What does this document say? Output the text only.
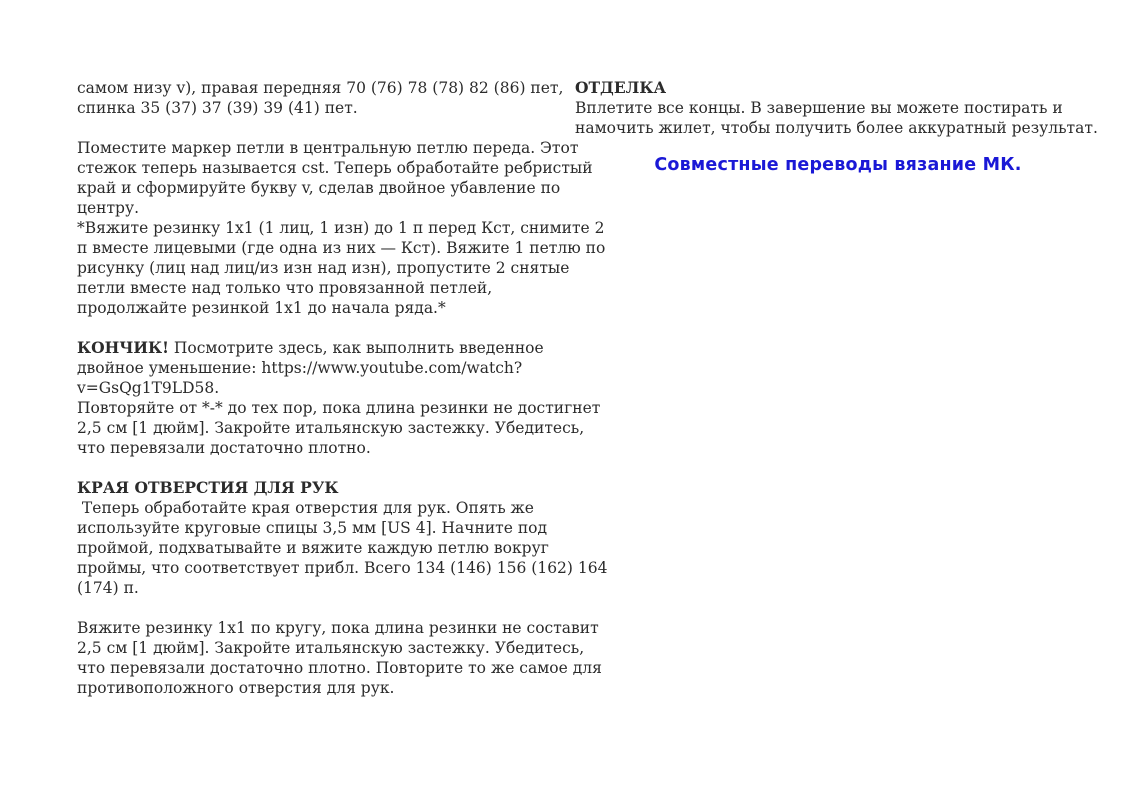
самом низу v), правая передняя 70 (76) 78 (78) 82 (86) пет,
спинка 35 (37) 37 (39) 39 (41) пет.
Поместите маркер петли в центральную петлю переда. Этот
стежок теперь называется cst. Теперь обработайте ребристый
край и сформируйте букву v, сделав двойное убавление по
центру.
*Вяжите резинку 1x1 (1 лиц, 1 изн) до 1 п перед Кст, снимите 2
п вместе лицевыми (где одна из них — Кст). Вяжите 1 петлю по
рисунку (лиц над лиц/из изн над изн), пропустите 2 снятые
петли вместе над только что провязанной петлей,
продолжайте резинкой 1x1 до начала ряда.*
КОНЧИК! Посмотрите здесь, как выполнить введенное
двойное уменьшение: https://www.youtube.com/watch?
v=GsQg1T9LD58.
Повторяйте от *-* до тех пор, пока длина резинки не достигнет
2,5 см [1 дюйм]. Закройте итальянскую застежку. Убедитесь,
что перевязали достаточно плотно.
КРАЯ ОТВЕРСТИЯ ДЛЯ РУК
Теперь обработайте края отверстия для рук. Опять же
используйте круговые спицы 3,5 мм [US 4]. Начните под
проймой, подхватывайте и вяжите каждую петлю вокруг
проймы, что соответствует прибл. Всего 134 (146) 156 (162) 164
(174) п.
Вяжите резинку 1x1 по кругу, пока длина резинки не составит
2,5 см [1 дюйм]. Закройте итальянскую застежку. Убедитесь,
что перевязали достаточно плотно. Повторите то же самое для
противоположного отверстия для рук.
ОТДЕЛКА
Вплетите все концы. В завершение вы можете постирать и
намочить жилет, чтобы получить более аккуратный результат.
Совместные переводы вязание МК.
